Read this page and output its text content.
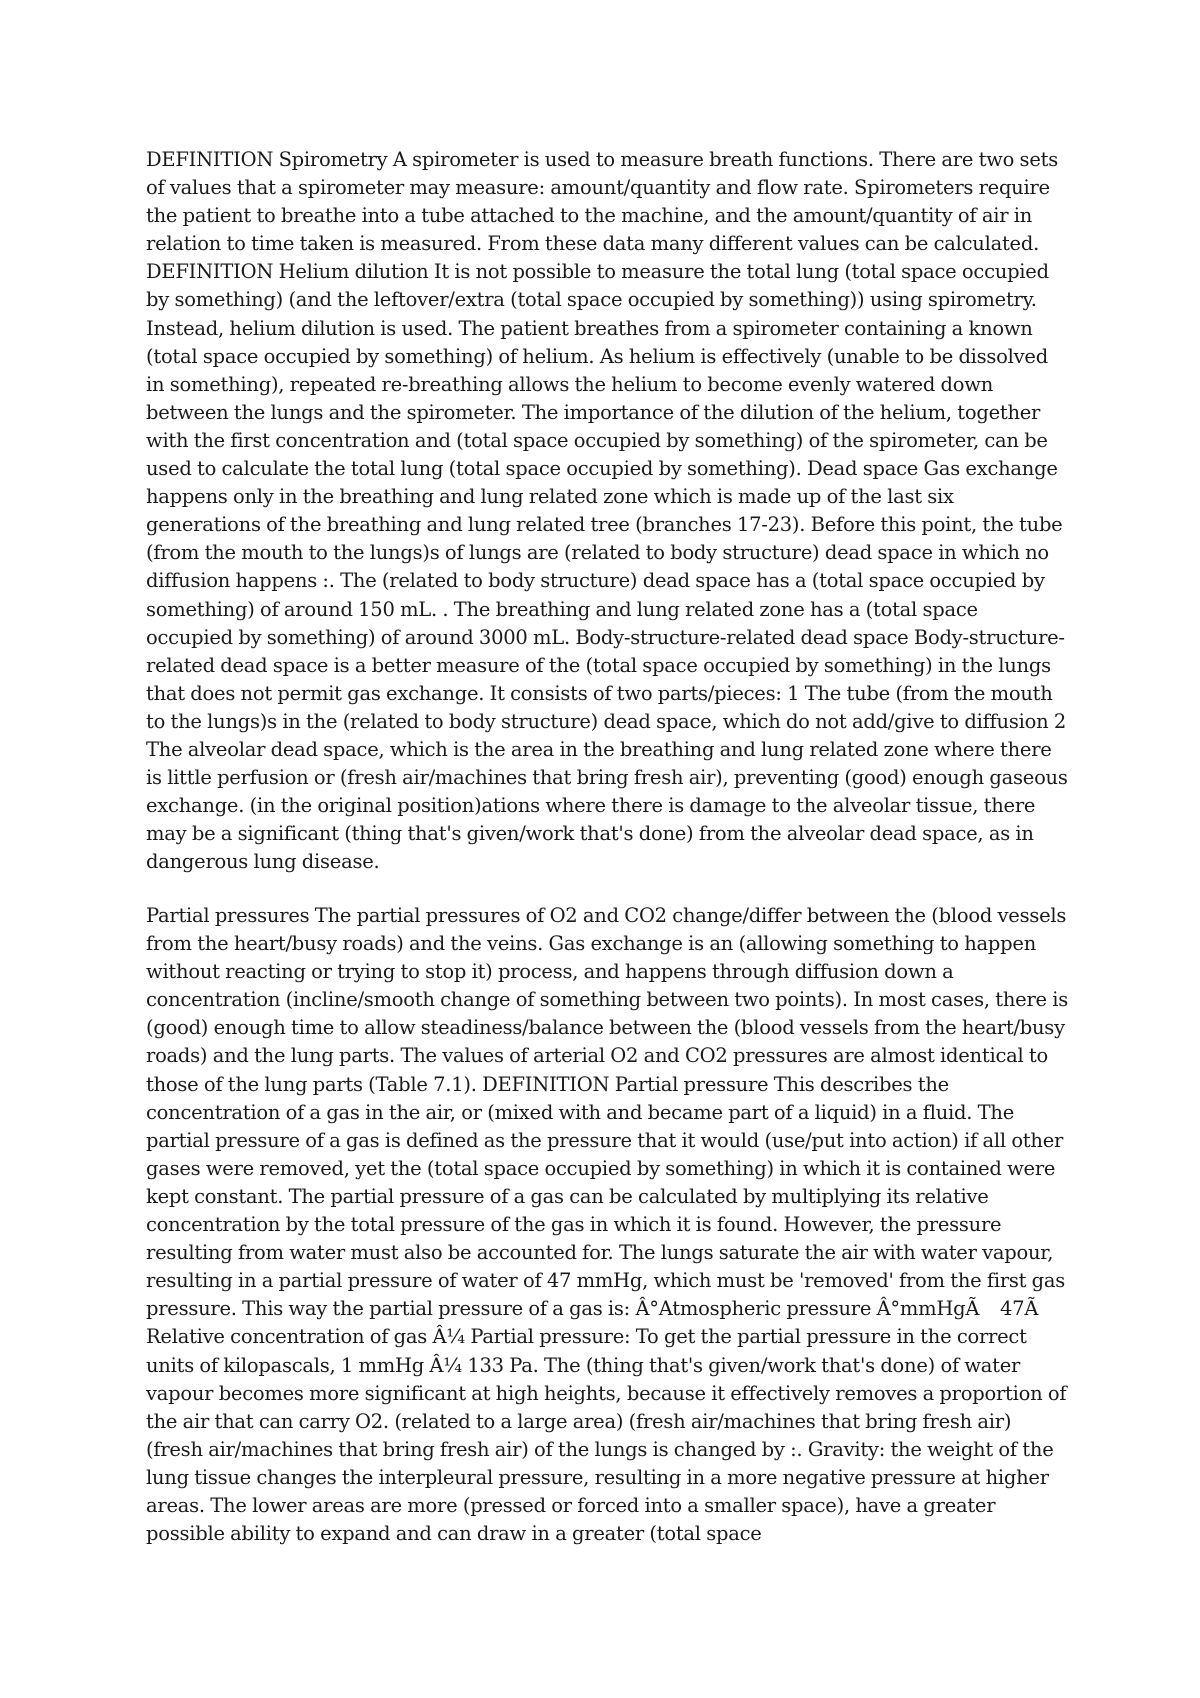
DEFINITION Spirometry A spirometer is used to measure breath functions. There are two sets of values that a spirometer may measure: amount/quantity and flow rate. Spirometers require the patient to breathe into a tube attached to the machine, and the amount/quantity of air in relation to time taken is measured. From these data many different values can be calculated. DEFINITION Helium dilution It is not possible to measure the total lung (total space occupied by something) (and the leftover/extra (total space occupied by something)) using spirometry. Instead, helium dilution is used. The patient breathes from a spirometer containing a known (total space occupied by something) of helium. As helium is effectively (unable to be dissolved in something), repeated re-breathing allows the helium to become evenly watered down between the lungs and the spirometer. The importance of the dilution of the helium, together with the first concentration and (total space occupied by something) of the spirometer, can be used to calculate the total lung (total space occupied by something). Dead space Gas exchange happens only in the breathing and lung related zone which is made up of the last six generations of the breathing and lung related tree (branches 17-23). Before this point, the tube (from the mouth to the lungs)s of lungs are (related to body structure) dead space in which no diffusion happens :. The (related to body structure) dead space has a (total space occupied by something) of around 150 mL. . The breathing and lung related zone has a (total space occupied by something) of around 3000 mL. Body-structure-related dead space Body-structure-related dead space is a better measure of the (total space occupied by something) in the lungs that does not permit gas exchange. It consists of two parts/pieces: 1 The tube (from the mouth to the lungs)s in the (related to body structure) dead space, which do not add/give to diffusion 2 The alveolar dead space, which is the area in the breathing and lung related zone where there is little perfusion or (fresh air/machines that bring fresh air), preventing (good) enough gaseous exchange. (in the original position)ations where there is damage to the alveolar tissue, there may be a significant (thing that's given/work that's done) from the alveolar dead space, as in dangerous lung disease.

Partial pressures The partial pressures of O2 and CO2 change/differ between the (blood vessels from the heart/busy roads) and the veins. Gas exchange is an (allowing something to happen without reacting or trying to stop it) process, and happens through diffusion down a concentration (incline/smooth change of something between two points). In most cases, there is (good) enough time to allow steadiness/balance between the (blood vessels from the heart/busy roads) and the lung parts. The values of arterial O2 and CO2 pressures are almost identical to those of the lung parts (Table 7.1). DEFINITION Partial pressure This describes the concentration of a gas in the air, or (mixed with and became part of a liquid) in a fluid. The partial pressure of a gas is defined as the pressure that it would (use/put into action) if all other gases were removed, yet the (total space occupied by something) in which it is contained were kept constant. The partial pressure of a gas can be calculated by multiplying its relative concentration by the total pressure of the gas in which it is found. However, the pressure resulting from water must also be accounted for. The lungs saturate the air with water vapour, resulting in a partial pressure of water of 47 mmHg, which must be 'removed' from the first gas pressure. This way the partial pressure of a gas is: Â°Atmospheric pressure Â°mmHgÃ 47Ã Relative concentration of gas Â¼ Partial pressure: To get the partial pressure in the correct units of kilopascals, 1 mmHg Â¼ 133 Pa. The (thing that's given/work that's done) of water vapour becomes more significant at high heights, because it effectively removes a proportion of the air that can carry O2. (related to a large area) (fresh air/machines that bring fresh air) (fresh air/machines that bring fresh air) of the lungs is changed by :. Gravity: the weight of the lung tissue changes the interpleural pressure, resulting in a more negative pressure at higher areas. The lower areas are more (pressed or forced into a smaller space), have a greater possible ability to expand and can draw in a greater (total space
